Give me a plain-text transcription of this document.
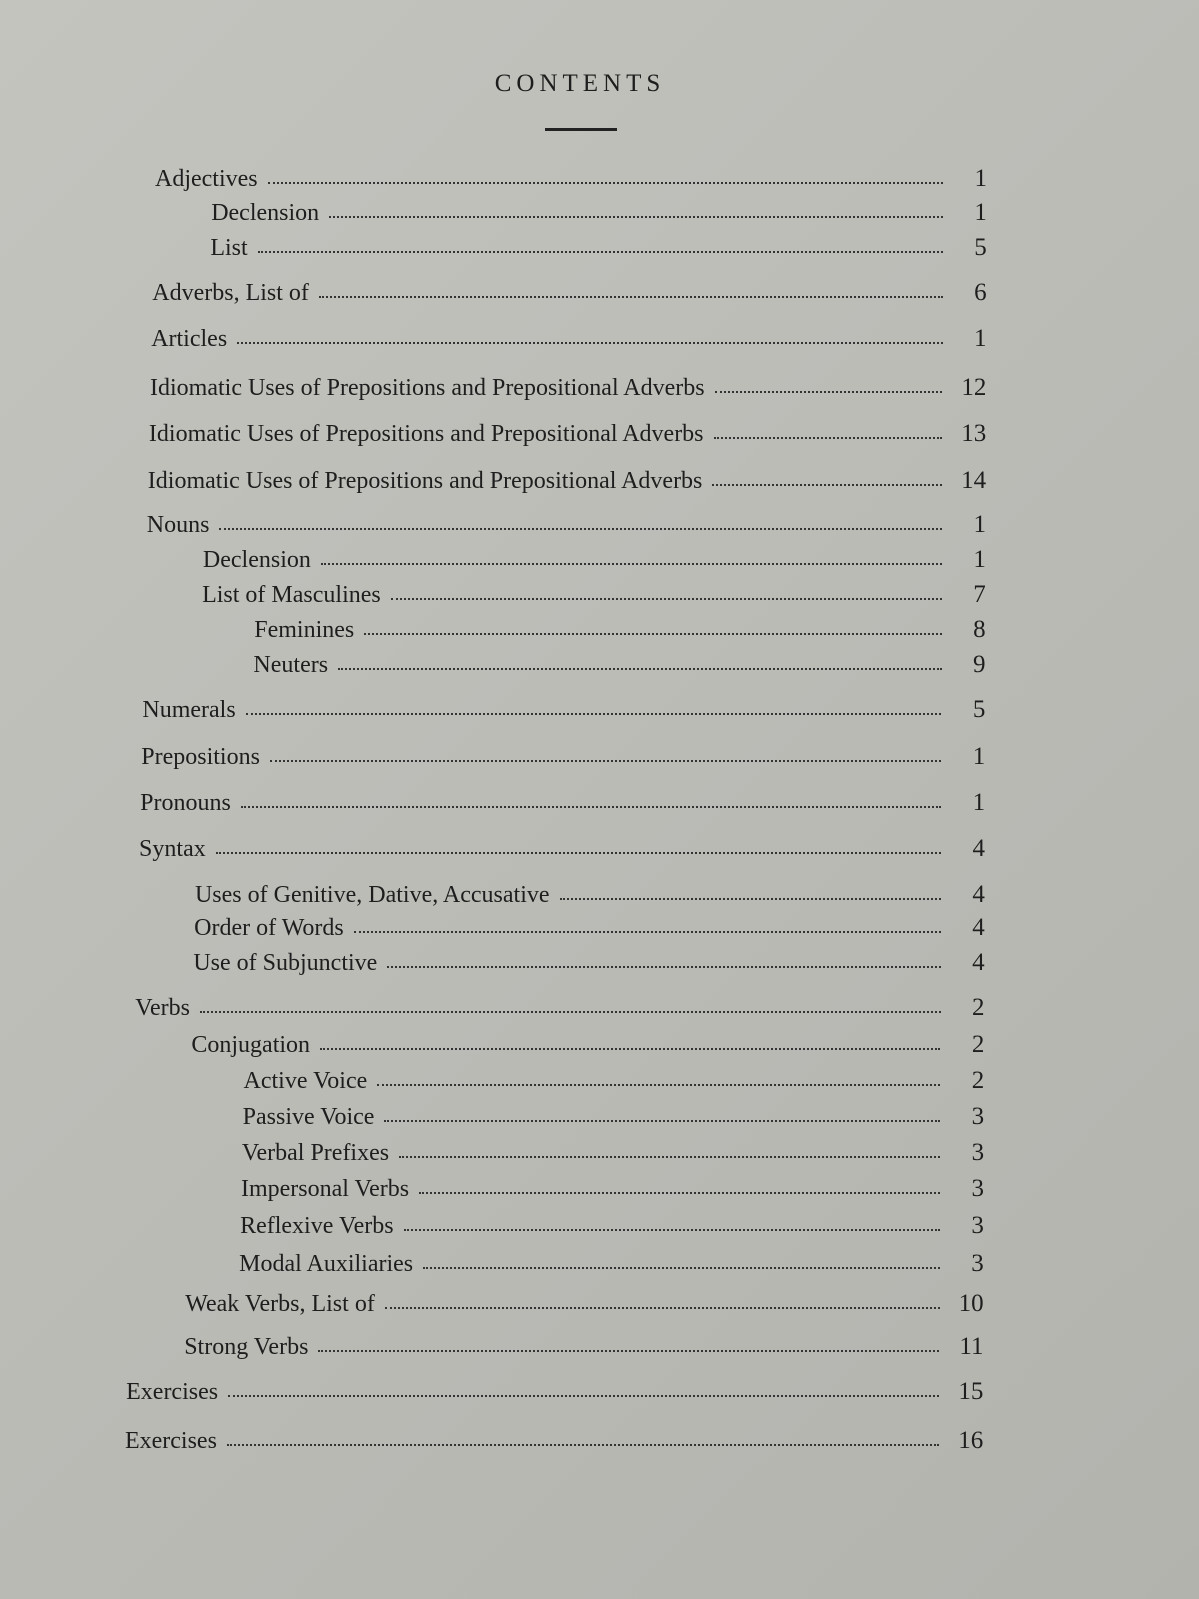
CONTENTS
Adjectives	1
Declension	1
List	5
Adverbs, List of	6
Articles	1
Idiomatic Uses of Prepositions and Prepositional Adverbs	12
Idiomatic Uses of Prepositions and Prepositional Adverbs	13
Idiomatic Uses of Prepositions and Prepositional Adverbs	14
Nouns	1
Declension	1
List of Masculines	7
Feminines	8
Neuters	9
Numerals	5
Prepositions	1
Pronouns	1
Syntax	4
Uses of Genitive, Dative, Accusative	4
Order of Words	4
Use of Subjunctive	4
Verbs	2
Conjugation	2
Active Voice	2
Passive Voice	3
Verbal Prefixes	3
Impersonal Verbs	3
Reflexive Verbs	3
Modal Auxiliaries	3
Weak Verbs, List of	10
Strong Verbs	11
Exercises	15
Exercises	16
